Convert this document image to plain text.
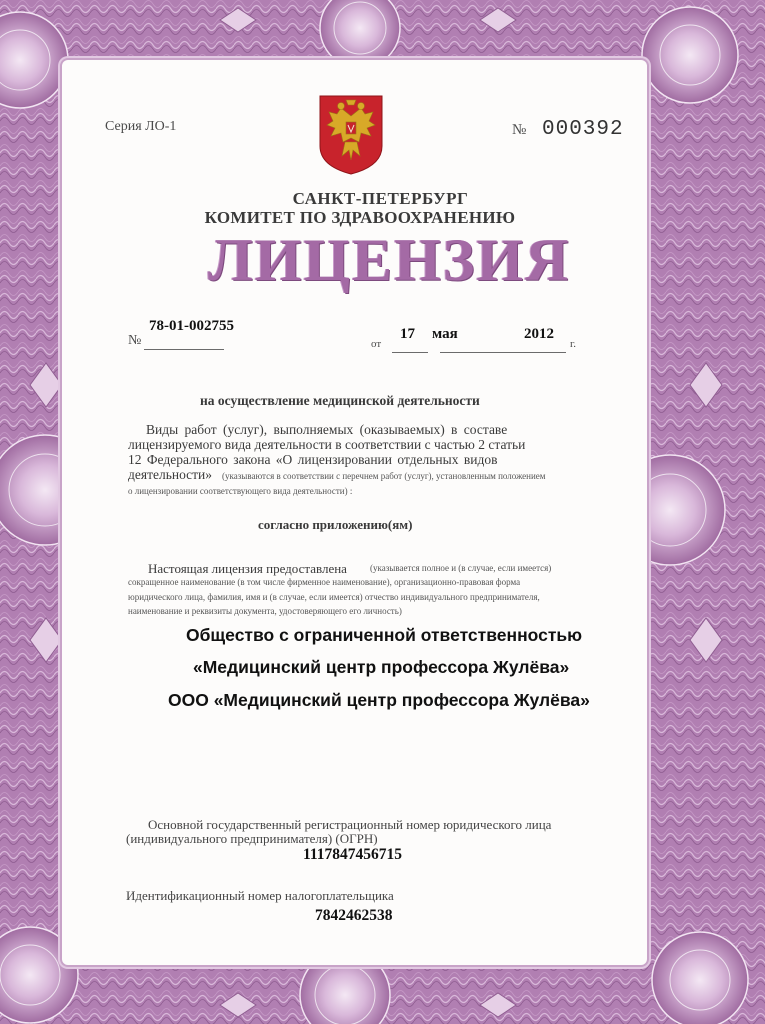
Серия ЛО-1	№ 000392
САНКТ-ПЕТЕРБУРГ
КОМИТЕТ ПО ЗДРАВООХРАНЕНИЮ
ЛИЦЕНЗИЯ
№
78-01-002755
от
17 мая	2012
г.
на осуществление медицинской деятельности
Виды работ (услуг), выполняемых (оказываемых) в составе
лицензируемого вида деятельности в соответствии с частью 2 статьи
12 Федерального закона «О лицензировании отдельных видов
деятельности» (указываются в соответствии с перечнем работ (услуг), установленным положением
о лицензировании соответствующего вида деятельности) :
согласно приложению(ям)
Настоящая лицензия предоставлена	(указывается полное и (в случае, если имеется)
сокращенное наименование (в том числе фирменное наименование), организационно-правовая форма
юридического лица, фамилия, имя и (в случае, если имеется) отчество индивидуального предпринимателя,
наименование и реквизиты документа, удостоверяющего его личность)
Общество с ограниченной ответственностью
«Медицинский центр профессора Жулёва»
ООО «Медицинский центр профессора Жулёва»
Основной государственный регистрационный номер юридического лица
(индивидуального предпринимателя) (ОГРН)
1117847456715
Идентификационный номер налогоплательщика
7842462538
